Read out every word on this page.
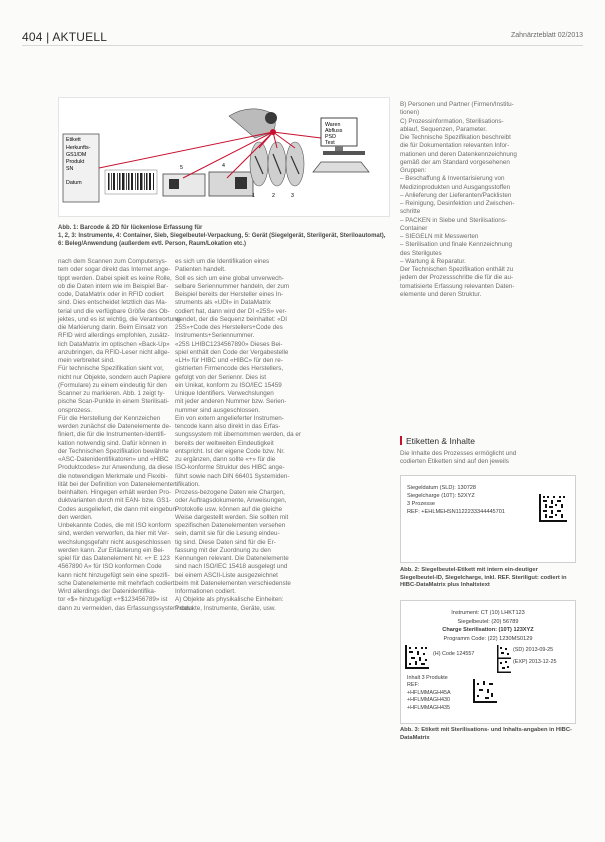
404 | AKTUELL	Zahnärzteblatt 02/2013
Etikett
Herkunfts-
GS1/DM
Produkt
SN
Datum
5	4
1	2	3
Waren
Abfluss
PSD
Test
Abb. 1: Barcode & 2D für lückenlose Erfassung für
1, 2, 3: Instrumente, 4: Container, Sieb, Siegelbeutel-Verpackung, 5: Gerät (Siegelgerät, Sterilgerät, Steriloautomat), 6: Beleg/Anwendung (außerdem evtl. Person, Raum/Lokation etc.)

nach dem Scannen zum Computersys-

tem oder sogar direkt das Internet ange-

tippt werden. Dabei spielt es keine Rolle,

ob die Daten intern wie im Beispiel Bar-

code, DataMatrix oder in RFID codiert

sind. Dies entscheidet letztlich das Ma-

terial und die verfügbare Größe des Ob-

jektes, und es ist wichtig, die Verantwortung

die Markierung darin. Beim Einsatz von

RFID wird allerdings empfohlen, zusätz-

lich DataMatrix im optischen «Back-Up»

anzubringen, da RFID-Leser nicht allge-

mein verbreitet sind.

Für technische Spezifikation sieht vor,

nicht nur Objekte, sondern auch Papiere

(Formulare) zu einem eindeutig für den

Scanner zu markieren. Abb. 1 zeigt ty-

pische Scan-Punkte in einem Sterilisati-

onsprozess.

Für die Herstellung der Kennzeichen

werden zunächst die Datenelemente de-

finiert, die für die Instrumenten-Identifi-

kation notwendig sind. Dafür können in

der Technischen Spezifikation bewährte

«ASC-Datenidentifikatoren» und «HIBC

Produktcodes» zur Anwendung, da diese

die notwendigen Merkmale und Flexibi-

lität bei der Definition von Datenelementen

beinhalten. Hingegen erhält werden Pro-

duktvarianten durch mit EAN- bzw. GS1-

Codes ausgeliefert, die dann mit eingebun-

den werden.

Unbekannte Codes, die mit ISO konform

sind, werden verworfen, da hier mit Ver-

wechslungsgefahr nicht ausgeschlossen

werden kann. Zur Erläuterung ein Bei-

spiel für das Datenelement Nr. «+ E 123

4567890 A» für ISO konformen Code

kann nicht hinzugefügt sein eine spezifi-

sche Datenelemente mit mehrfach codiert.

Wird allerdings der Datenidentifika-

tor «$» hinzugefügt «+$123456789» ist

dann zu vermeiden, das Erfassungssystem dass

es sich um die Identifikation eines

Patienten handelt.

Soll es sich um eine global unverwech-

selbare Seriennummer handeln, der zum

Beispiel bereits der Hersteller eines In-

struments als «UDI» in DataMatrix

codiert hat, dann wird der DI «25S» ver-

wendet, der die Sequenz beinhaltet: «DI

25S»+Code des Herstellers+Code des

Instruments+Seriennummer.

«25S LHIBC1234567890» Dieses Bei-

spiel enthält den Code der Vergabestelle

«LH» für HIBC und «HIBC» für den re-

gistrierten Firmencode des Herstellers,

gefolgt von der Seriennr. Dies ist

ein Unikat, konform zu ISO/IEC 15459

Unique Identifiers. Verwechslungen

mit jeder anderen Nummer bzw. Serien-

nummer sind ausgeschlossen.

Ein von extern angelieferter Instrumen-

tencode kann also direkt in das Erfas-

sungssystem mit übernommen werden, da er

bereits der weltweiten Eindeutigkeit

entspricht. Ist der eigene Code bzw. Nr.

zu ergänzen, dann sollte «+» für die

ISO-konforme Struktur des HIBC ange-

führt sowie nach DIN 66401 Systemiden-

tifikation.

Prozess-bezogene Daten wie Chargen,

oder Auftragsdokumente, Anweisungen,

Protokolle usw. können auf die gleiche

Weise dargestellt werden. Sie sollten mit

spezifischen Datenelementen versehen

sein, damit sie für die Lesung eindeu-

tig sind. Diese Daten sind für die Er-

fassung mit der Zuordnung zu den

Kennungen relevant. Die Datenelemente

sind nach ISO/IEC 15418 ausgelegt und

bei einem ASCII-Liste ausgezeichnet

beim mit Datenelementen verschiedenste

Informationen codiert.

A) Objekte als physikalische Einheiten:

Produkte, Instrumente, Geräte, usw.

B) Personen und Partner (Firmen/Institu-

tionen)

C) Prozessinformation, Sterilisations-

ablauf, Sequenzen, Parameter.

Die Technische Spezifikation beschreibt

die für Dokumentation relevanten Infor-

mationen und deren Datenkennzeichnung

gemäß der am Standard vorgesehenen

Gruppen:

– Beschaffung & Inventarisierung von

Medizinprodukten und Ausgangsstoffen

– Anlieferung der Lieferanten/Packlisten

– Reinigung, Desinfektion und Zwischen-

schritte

– PACKEN in Siebe und Sterilisations-

Container

– SIEGELN mit Messwerten

– Sterilisation und finale Kennzeichnung

des Sterilgutes

– Wartung & Reparatur.

Der Technischen Spezifikation enthält zu

jedem der Prozessschritte die für die au-

tomatisierte Erfassung relevanten Daten-

elemente und deren Struktur.

Etiketten & Inhalte

Die Inhalte des Prozesses ermöglicht und

codierten Etiketten sind auf den jeweils

Siegeldatum (SLD): 130728
Siegelcharge (10T): 52XYZ
3 Prozesse
REF: +EHLMEHSN1122233344445701
Abb. 2: Siegelbeutel-Etikett mit intern ein-deutiger Siegelbeutel-ID, Siegelcharge, inkl. REF. Steriligut: codiert in HIBC-DataMatrix plus Inhaltstext
Instrument: CT (10) LHKT123
Siegelbeutel: (20) 56789
Charge Sterilisation: (10T) 123XYZ
Programm Code: (22) 1230MS0129
(H) Code 124557
(SD) 2013-09-25
(EXP) 2013-12-25
Inhalt 3 Produkte
REF:
+HFLMMAGH45A
+HFLMMAGH430
+HFLMMAGH435
Abb. 3: Etikett mit Sterilisations- und Inhalts-angaben in HIBC-DataMatrix
